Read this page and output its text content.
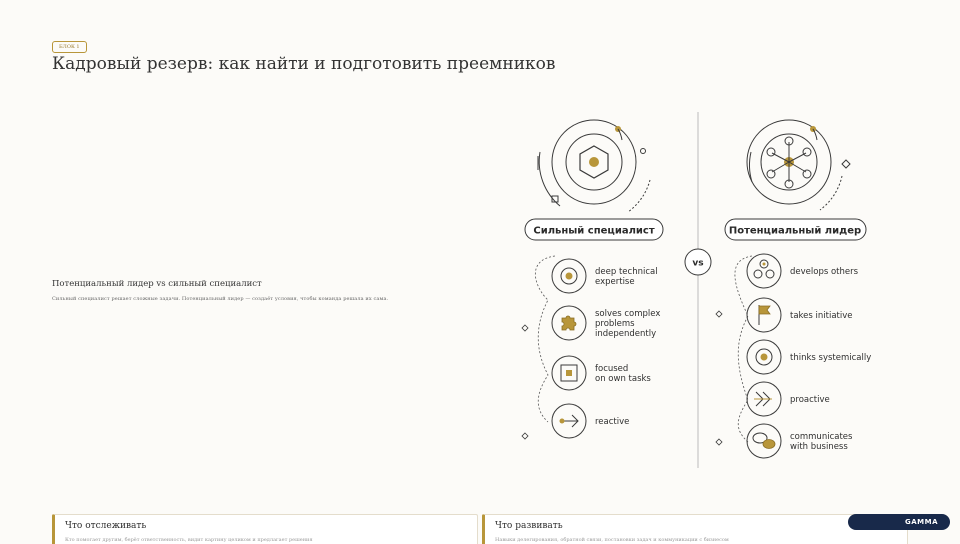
БЛОК 1
Кадровый резерв: как найти и подготовить преемников
Потенциальный лидер vs сильный специалист
Сильный специалист решает сложные задачи. Потенциальный лидер — создаёт условия, чтобы команда решала их сама.
Сильный специалист	Потенциальный лидер
vs
deep technical
expertise
solves complex
problems
independently
focused
on own tasks
reactive
develops others
takes initiative
thinks systemically
proactive
communicates
with business
Что отслеживать
Кто помогает другим, берёт ответственность, видит картину целиком и предлагает решения
Что развивать
Навыки делегирования, обратной связи, постановки задач и коммуникации с бизнесом
GAMMA
